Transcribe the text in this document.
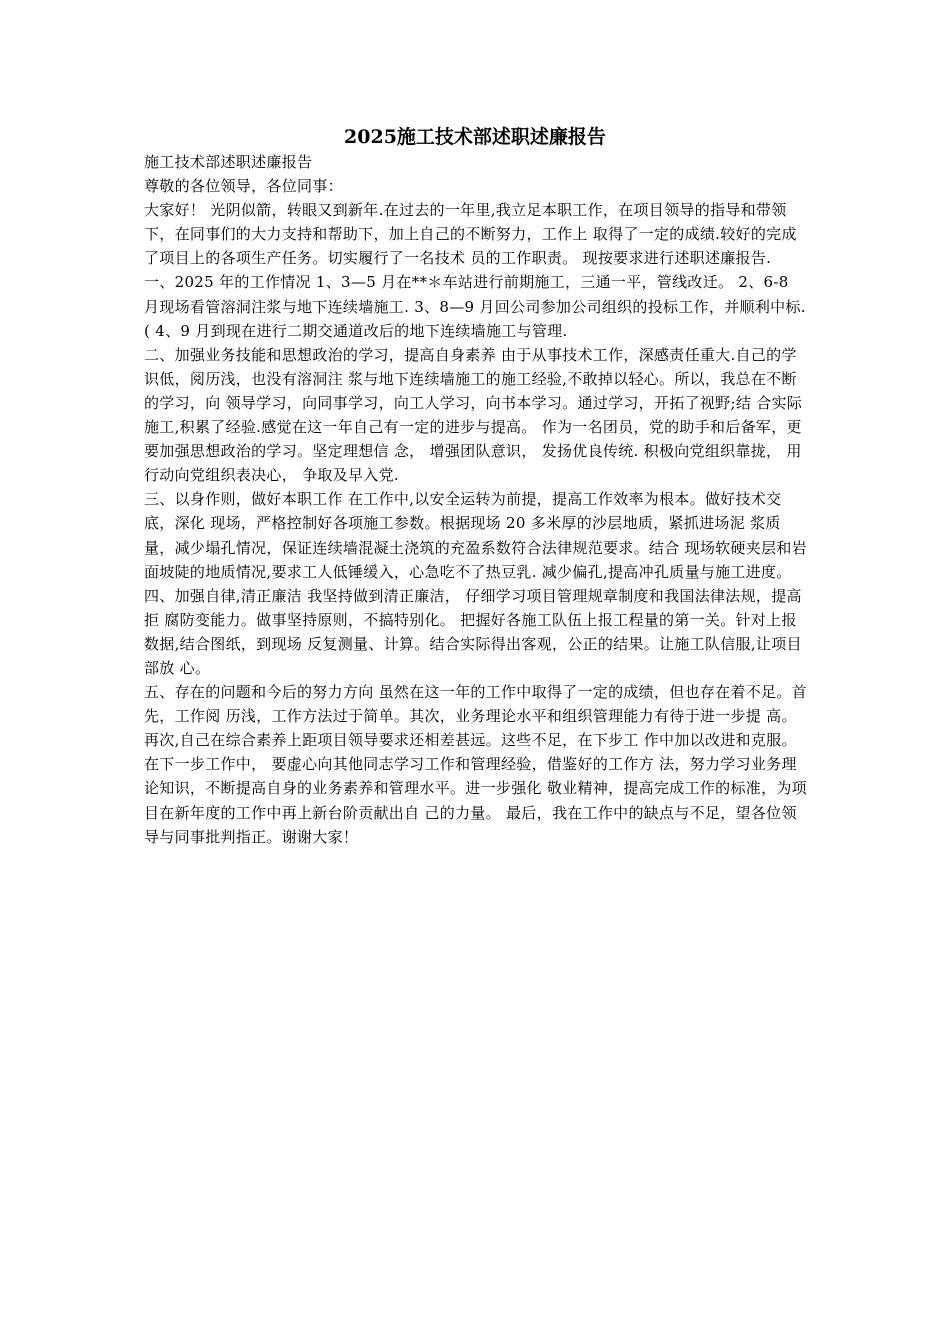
2025施工技术部述职述廉报告

施工技术部述职述廉报告

尊敬的各位领导，各位同事：

大家好！ 光阴似箭，转眼又到新年.在过去的一年里,我立足本职工作，在项目领导的指导和带领下，在同事们的大力支持和帮助下，加上自己的不断努力，工作上 取得了一定的成绩.较好的完成了项目上的各项生产任务。切实履行了一名技术 员的工作职责。 现按要求进行述职述廉报告.

一、2025 年的工作情况 1、3—5 月在**＊车站进行前期施工，三通一平，管线改迁。 2、6-8 月现场看管溶洞注浆与地下连续墙施工. 3、8—9 月回公司参加公司组织的投标工作，并顺利中标.( 4、9 月到现在进行二期交通道改后的地下连续墙施工与管理.

二、加强业务技能和思想政治的学习，提高自身素养 由于从事技术工作，深感责任重大.自己的学识低，阅历浅，也没有溶洞注 浆与地下连续墙施工的施工经验,不敢掉以轻心。所以，我总在不断的学习，向 领导学习，向同事学习，向工人学习，向书本学习。通过学习，开拓了视野;结 合实际施工,积累了经验.感觉在这一年自己有一定的进步与提高。 作为一名团员，党的助手和后备军，更要加强思想政治的学习。坚定理想信 念， 增强团队意识， 发扬优良传统. 积极向党组织靠拢， 用行动向党组织表决心， 争取及早入党.

三、以身作则，做好本职工作 在工作中,以安全运转为前提，提高工作效率为根本。做好技术交底，深化 现场，严格控制好各项施工参数。根据现场 20 多米厚的沙层地质，紧抓进场泥 浆质量，减少塌孔情况，保证连续墙混凝土浇筑的充盈系数符合法律规范要求。结合 现场软硬夹层和岩面坡陡的地质情况,要求工人低锤缓入，心急吃不了热豆乳. 减少偏孔,提高冲孔质量与施工进度。

四、加强自律,清正廉洁 我坚持做到清正廉洁， 仔细学习项目管理规章制度和我国法律法规，提高拒 腐防变能力。做事坚持原则，不搞特别化。 把握好各施工队伍上报工程量的第一关。针对上报数据,结合图纸，到现场 反复测量、计算。结合实际得出客观，公正的结果。让施工队信服,让项目部放 心。

五、存在的问题和今后的努力方向 虽然在这一年的工作中取得了一定的成绩，但也存在着不足。首先，工作阅 历浅，工作方法过于简单。其次，业务理论水平和组织管理能力有待于进一步提 高。再次,自己在综合素养上距项目领导要求还相差甚远。这些不足，在下步工 作中加以改进和克服。

在下一步工作中， 要虚心向其他同志学习工作和管理经验，借鉴好的工作方 法，努力学习业务理论知识，不断提高自身的业务素养和管理水平。进一步强化 敬业精神，提高完成工作的标准，为项目在新年度的工作中再上新台阶贡献出自 己的力量。 最后，我在工作中的缺点与不足，望各位领导与同事批判指正。谢谢大家！
